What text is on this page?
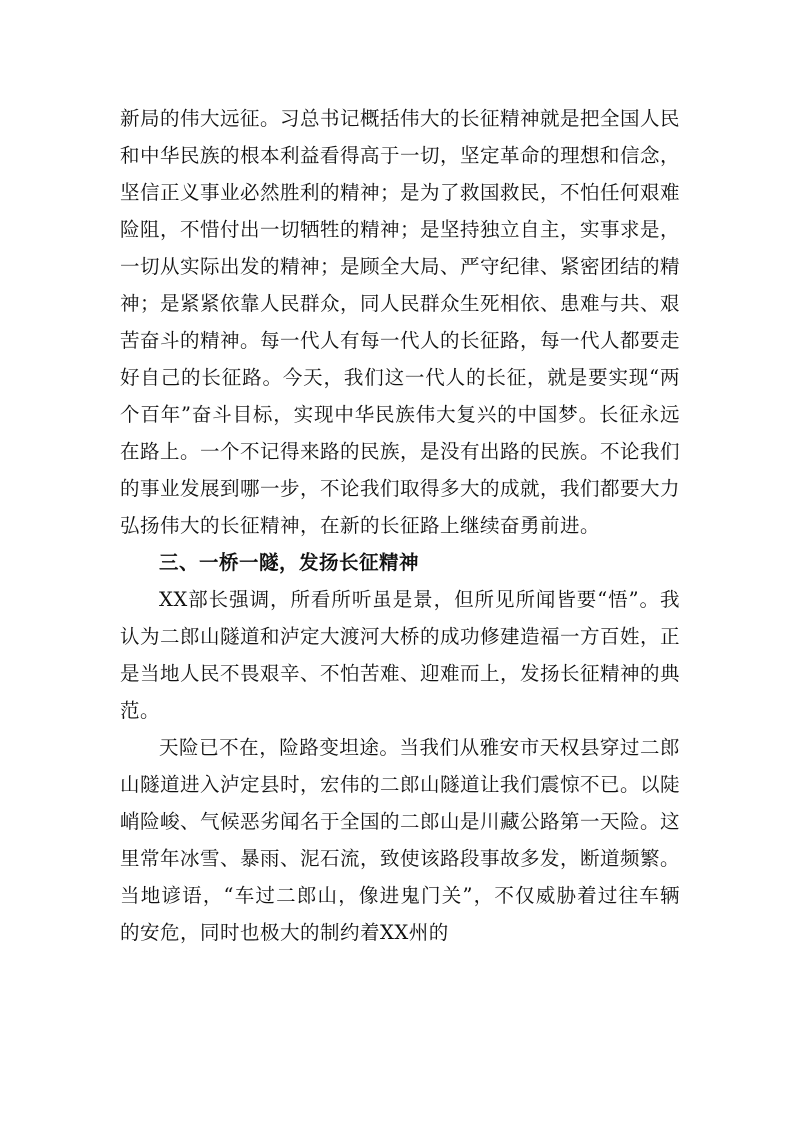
新局的伟大远征。习总书记概括伟大的长征精神就是把全国人民和中华民族的根本利益看得高于一切，坚定革命的理想和信念，坚信正义事业必然胜利的精神；是为了救国救民，不怕任何艰难险阻，不惜付出一切牺牲的精神；是坚持独立自主，实事求是，一切从实际出发的精神；是顾全大局、严守纪律、紧密团结的精神；是紧紧依靠人民群众，同人民群众生死相依、患难与共、艰苦奋斗的精神。每一代人有每一代人的长征路，每一代人都要走好自己的长征路。今天，我们这一代人的长征，就是要实现“两个百年”奋斗目标，实现中华民族伟大复兴的中国梦。长征永远在路上。一个不记得来路的民族，是没有出路的民族。不论我们的事业发展到哪一步，不论我们取得多大的成就，我们都要大力弘扬伟大的长征精神，在新的长征路上继续奋勇前进。

三、一桥一隧，发扬长征精神

XX部长强调，所看所听虽是景，但所见所闻皆要“悟”。我认为二郎山隧道和泸定大渡河大桥的成功修建造福一方百姓，正是当地人民不畏艰辛、不怕苦难、迎难而上，发扬长征精神的典范。

天险已不在，险路变坦途。当我们从雅安市天权县穿过二郎山隧道进入泸定县时，宏伟的二郎山隧道让我们震惊不已。以陡峭险峻、气候恶劣闻名于全国的二郎山是川藏公路第一天险。这里常年冰雪、暴雨、泥石流，致使该路段事故多发，断道频繁。当地谚语，“车过二郎山，像进鬼门关”，不仅威胁着过往车辆的安危，同时也极大的制约着XX州的
